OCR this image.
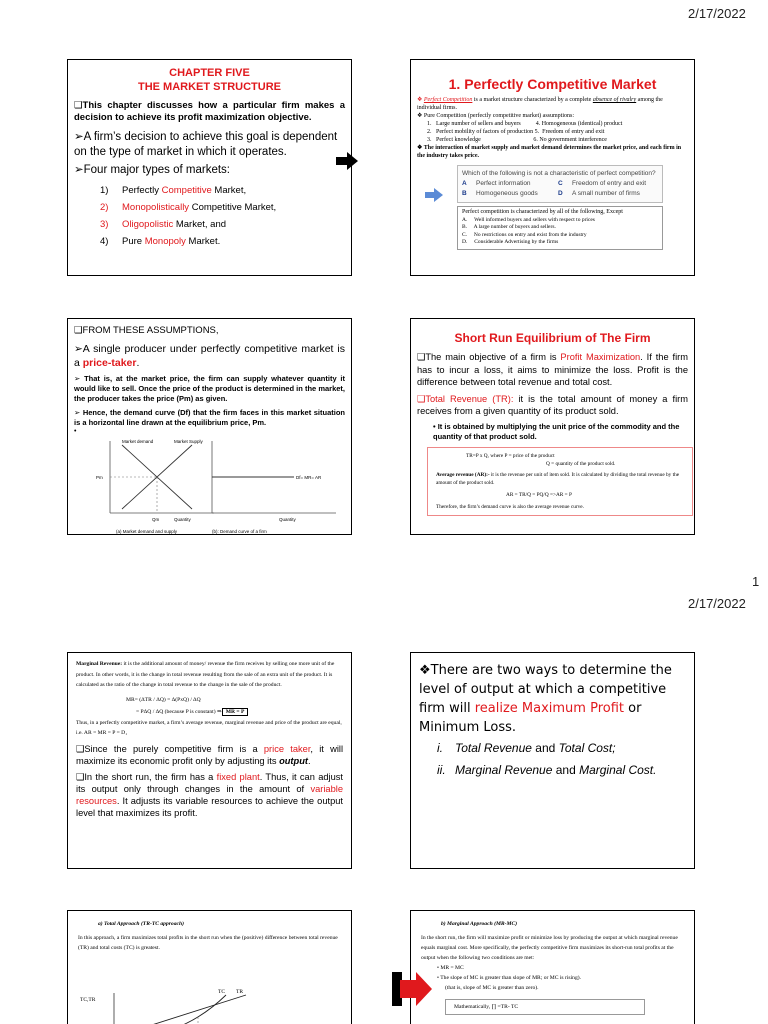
2/17/2022
1
2/17/2022
CHAPTER FIVE
THE MARKET STRUCTURE
❑This chapter discusses how a particular firm makes a decision to achieve its profit maximization objective.
➢A firm’s decision to achieve this goal is dependent on the type of market in which it operates.
➢Four major types of markets:
1) Perfectly Competitive Market,
2) Monopolistically Competitive Market,
3) Oligopolistic Market, and
4) Pure Monopoly Market.
1. Perfectly Competitive Market
❖ Perfect Competition is a market structure characterized by a complete absence of rivalry among the individual firms.
❖ Pure Competition (perfectly competitive market) assumptions:
1.   Large number of sellers and buyers          4. Homogeneous (identical) product
2.   Perfect mobility of factors of production 5.  Freedom of entry and exit
3.   Perfect knowledge                                   6. No government interference
❖ The interaction of market supply and market demand determines the market price, and each firm in the industry takes price.
Which of the following is not a characteristic of perfect competition?
A	Perfect information	C	Freedom of entry and exit
B	Homogeneous goods	D	A small number of firms
Perfect competition is characterized by all of the following, Except
A.     Well informed buyers and sellers with respect to prices
B.     A large number of buyers and sellers.
C.     No restrictions on entry and exist from the industry
D.     Considerable Advertising by the firms
❑FROM THESE ASSUMPTIONS,
➢A single producer under perfectly competitive market is a price-taker.
➢ That is, at the market price, the firm can supply whatever quantity it would like to sell. Once the price of the product is determined in the market, the producer takes the price (Pm) as given.
➢ Hence, the demand curve (Df) that the firm faces in this market situation is a horizontal line drawn at the equilibrium price, Pm.
•
Market demand	Market Supply
Pm
Qm	Quantity
(a) Market demand and supply
Df= MR= AR
Quantity
(b): Demand curve of a firm
Short Run Equilibrium of The Firm
❑The main objective of a firm is Profit Maximization. If the firm has to incur a loss, it aims to minimize the loss. Profit is the difference between total revenue and total cost.
❑Total Revenue (TR): it is the total amount of money a firm receives from a given quantity of its product sold.
• It is obtained by multiplying the unit price of the commodity and the quantity of that product sold.
TR=P x Q, where P = price of the product
Q = quantity of the product sold.
Average revenue (AR):- it is the revenue per unit of item sold. It is calculated by dividing the total revenue by the amount of the product sold.
AR = TR/Q = PQ/Q =>AR = P
Therefore, the firm’s demand curve is also the average revenue curve.
Marginal Revenue: it is the additional amount of money/ revenue the firm receives by selling one more unit of the product. In other words, it is the change in total revenue resulting from the sale of an extra unit of the product. It is calculated as the ratio of the change in total revenue to the change in the sale of the product.
MR= (ΔTR / ΔQ) = Δ(PxQ) / ΔQ
= PΔQ / ΔQ (because P is constant) ⇒ MR = P
Thus, in a perfectly competitive market, a firm’s average revenue, marginal revenue and price of the product are equal, i.e. AR = MR = P = D₁
❑Since the purely competitive firm is a price taker, it will maximize its economic profit only by adjusting its output.
❑In the short run, the firm has a fixed plant. Thus, it can adjust its output only through changes in the amount of variable resources. It adjusts its variable resources to achieve the output level that maximizes its profit.
❖There are two ways to determine the level of output at which a competitive firm will realize Maximum Profit or Minimum Loss.
i. Total Revenue and Total Cost;
ii. Marginal Revenue and Marginal Cost.
a) Total Approach (TR-TC approach)
In this approach, a firm maximizes total profits in the short run when the (positive) difference between total revenue (TR) and total costs (TC) is greatest.
TC,TR
TC TR
b) Marginal Approach (MR-MC)
In the short run, the firm will maximize profit or minimize loss by producing the output at which marginal revenue equals marginal cost. More specifically, the perfectly competitive firm maximizes its short-run total profits at the output when the following two conditions are met:
• MR = MC
• The slope of MC is greater than slope of MR; or MC is rising).
(that is, slope of MC is greater than zero).
Mathematically, ∏ =TR- TC
